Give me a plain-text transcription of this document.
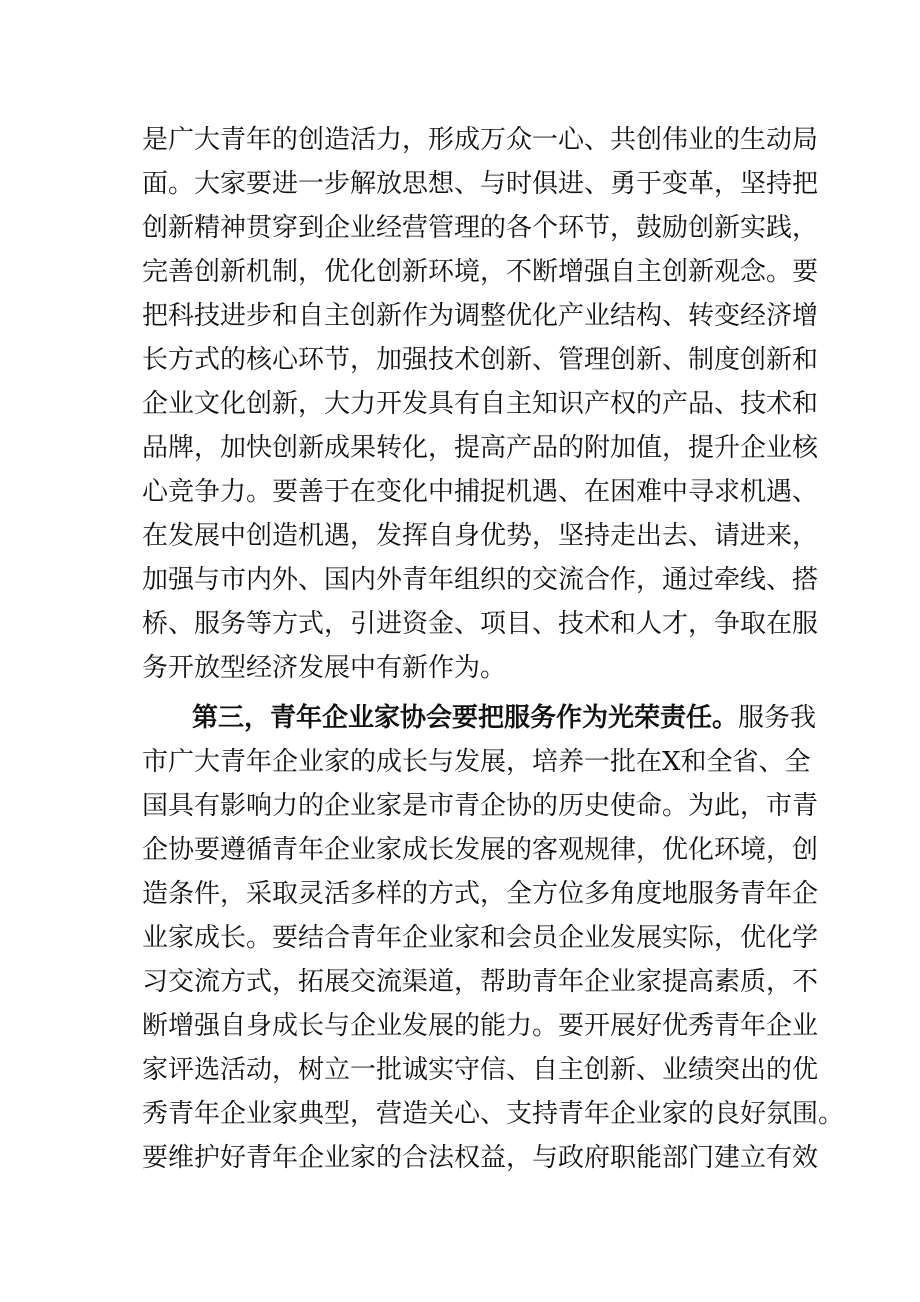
是广大青年的创造活力，形成万众一心、共创伟业的生动局
面。大家要进一步解放思想、与时俱进、勇于变革，坚持把
创新精神贯穿到企业经营管理的各个环节，鼓励创新实践，
完善创新机制，优化创新环境，不断增强自主创新观念。要
把科技进步和自主创新作为调整优化产业结构、转变经济增
长方式的核心环节，加强技术创新、管理创新、制度创新和
企业文化创新，大力开发具有自主知识产权的产品、技术和
品牌，加快创新成果转化，提高产品的附加值，提升企业核
心竞争力。要善于在变化中捕捉机遇、在困难中寻求机遇、
在发展中创造机遇，发挥自身优势，坚持走出去、请进来，
加强与市内外、国内外青年组织的交流合作，通过牵线、搭
桥、服务等方式，引进资金、项目、技术和人才，争取在服
务开放型经济发展中有新作为。
第三，青年企业家协会要把服务作为光荣责任。服务我
市广大青年企业家的成长与发展，培养一批在X和全省、全
国具有影响力的企业家是市青企协的历史使命。为此，市青
企协要遵循青年企业家成长发展的客观规律，优化环境，创
造条件，采取灵活多样的方式，全方位多角度地服务青年企
业家成长。要结合青年企业家和会员企业发展实际，优化学
习交流方式，拓展交流渠道，帮助青年企业家提高素质，不
断增强自身成长与企业发展的能力。要开展好优秀青年企业
家评选活动，树立一批诚实守信、自主创新、业绩突出的优
秀青年企业家典型，营造关心、支持青年企业家的良好氛围。
要维护好青年企业家的合法权益，与政府职能部门建立有效
